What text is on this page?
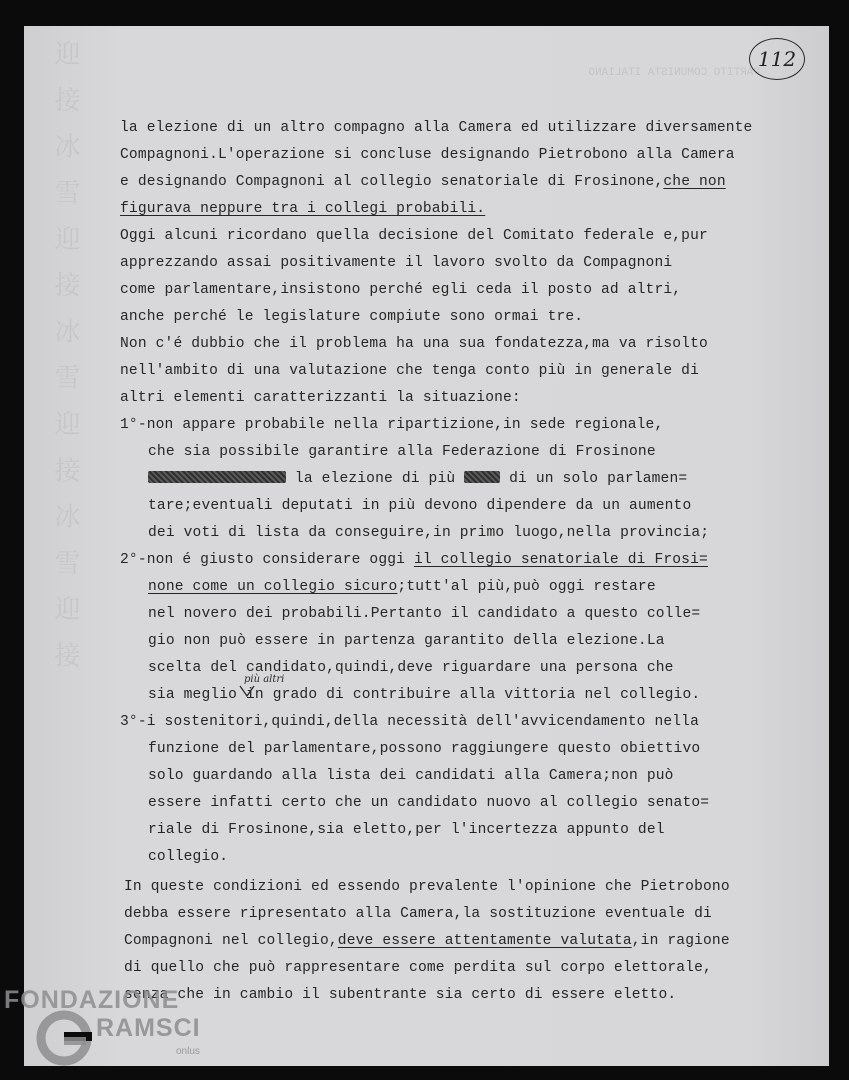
迎 接 冰 雪 迎 接 冰 雪 迎 接 冰 雪 迎 接	PARTITO COMUNISTA ITALIANO
112
la elezione di un altro compagno alla Camera ed utilizzare diversamente
Compagnoni.L'operazione si concluse designando Pietrobono alla Camera
e designando Compagnoni al collegio senatoriale di Frosinone,che non
figurava neppure tra i collegi probabili.
Oggi alcuni ricordano quella decisione del Comitato federale e,pur
apprezzando assai positivamente il lavoro svolto da Compagnoni
come parlamentare,insistono perché egli ceda il posto ad altri,
anche perché le legislature compiute sono ormai tre.
Non c'é dubbio che il problema ha una sua fondatezza,ma va risolto
nell'ambito di una valutazione che tenga conto più in generale di
altri elementi caratterizzanti la situazione:
1°-non appare probabile nella ripartizione,in sede regionale,
che sia possibile garantire alla Federazione di Frosinone
la elezione di più	di un solo parlamen=
tare;eventuali deputati in più devono dipendere da un aumento
dei voti di lista da conseguire,in primo luogo,nella provincia;
2°-non é giusto considerare oggi il collegio senatoriale di Frosi=
none come un collegio sicuro;tutt'al più,può oggi restare
nel novero dei probabili.Pertanto il candidato a questo colle=
gio non può essere in partenza garantito della elezione.La
scelta del candidato,quindi,deve riguardare una persona che
sia meglio in grado di contribuire alla vittoria nel collegio.
3°-i sostenitori,quindi,della necessità dell'avvicendamento nella
funzione del parlamentare,possono raggiungere questo obiettivo
solo guardando alla lista dei candidati alla Camera;non può
essere infatti certo che un candidato nuovo al collegio senato=
riale di Frosinone,sia eletto,per l'incertezza appunto del
collegio.
In queste condizioni ed essendo prevalente l'opinione che Pietrobono
debba essere ripresentato alla Camera,la sostituzione eventuale di
Compagnoni nel collegio,deve essere attentamente valutata,in ragione
di quello che può rappresentare come perdita sul corpo elettorale,
senza che in cambio il subentrante sia certo di essere eletto.
più altri
FONDAZIONE
RAMSCI
onlus
